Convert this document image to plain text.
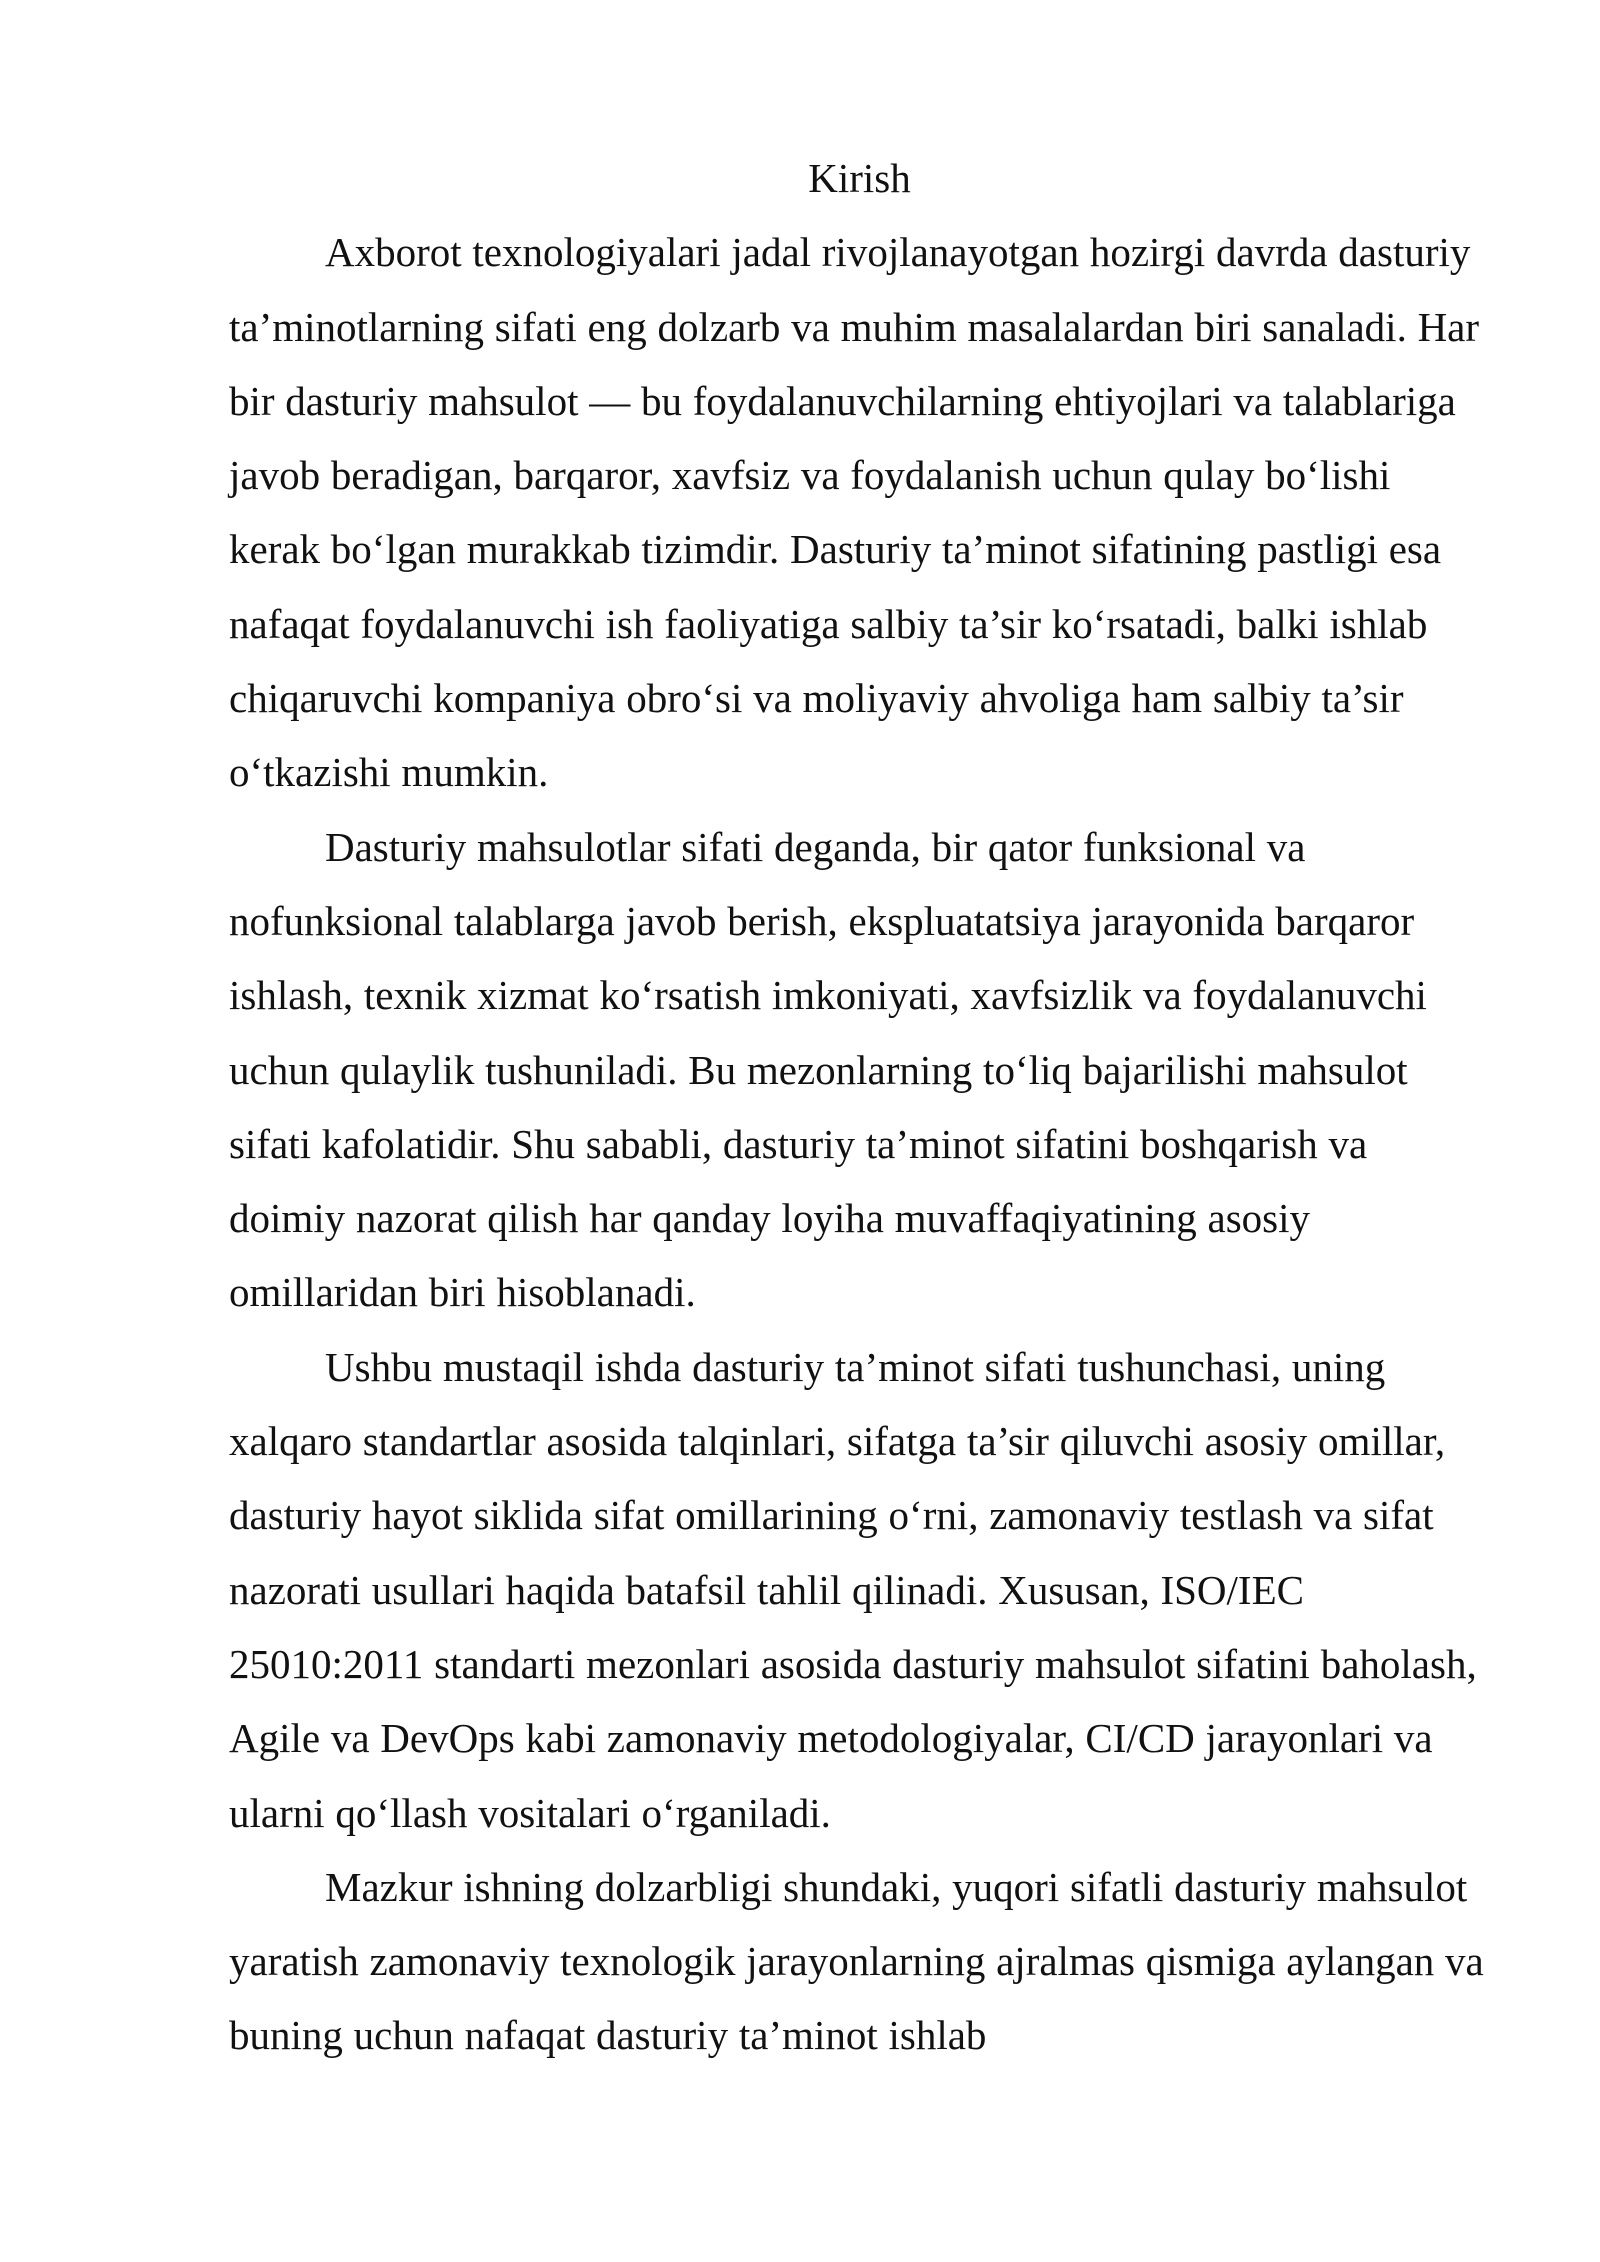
Kirish

Axborot texnologiyalari jadal rivojlanayotgan hozirgi davrda dasturiy ta’minotlarning sifati eng dolzarb va muhim masalalardan biri sanaladi. Har bir dasturiy mahsulot — bu foydalanuvchilarning ehtiyojlari va talablariga javob beradigan, barqaror, xavfsiz va foydalanish uchun qulay bo‘lishi kerak bo‘lgan murakkab tizimdir. Dasturiy ta’minot sifatining pastligi esa nafaqat foydalanuvchi ish faoliyatiga salbiy ta’sir ko‘rsatadi, balki ishlab chiqaruvchi kompaniya obro‘si va moliyaviy ahvoliga ham salbiy ta’sir o‘tkazishi mumkin.

Dasturiy mahsulotlar sifati deganda, bir qator funksional va nofunksional talablarga javob berish, ekspluatatsiya jarayonida barqaror ishlash, texnik xizmat ko‘rsatish imkoniyati, xavfsizlik va foydalanuvchi uchun qulaylik tushuniladi. Bu mezonlarning to‘liq bajarilishi mahsulot sifati kafolatidir. Shu sababli, dasturiy ta’minot sifatini boshqarish va doimiy nazorat qilish har qanday loyiha muvaffaqiyatining asosiy omillaridan biri hisoblanadi.

Ushbu mustaqil ishda dasturiy ta’minot sifati tushunchasi, uning xalqaro standartlar asosida talqinlari, sifatga ta’sir qiluvchi asosiy omillar, dasturiy hayot siklida sifat omillarining o‘rni, zamonaviy testlash va sifat nazorati usullari haqida batafsil tahlil qilinadi. Xususan, ISO/IEC 25010:2011 standarti mezonlari asosida dasturiy mahsulot sifatini baholash, Agile va DevOps kabi zamonaviy metodologiyalar, CI/CD jarayonlari va ularni qo‘llash vositalari o‘rganiladi.

Mazkur ishning dolzarbligi shundaki, yuqori sifatli dasturiy mahsulot yaratish zamonaviy texnologik jarayonlarning ajralmas qismiga aylangan va buning uchun nafaqat dasturiy ta’minot ishlab
